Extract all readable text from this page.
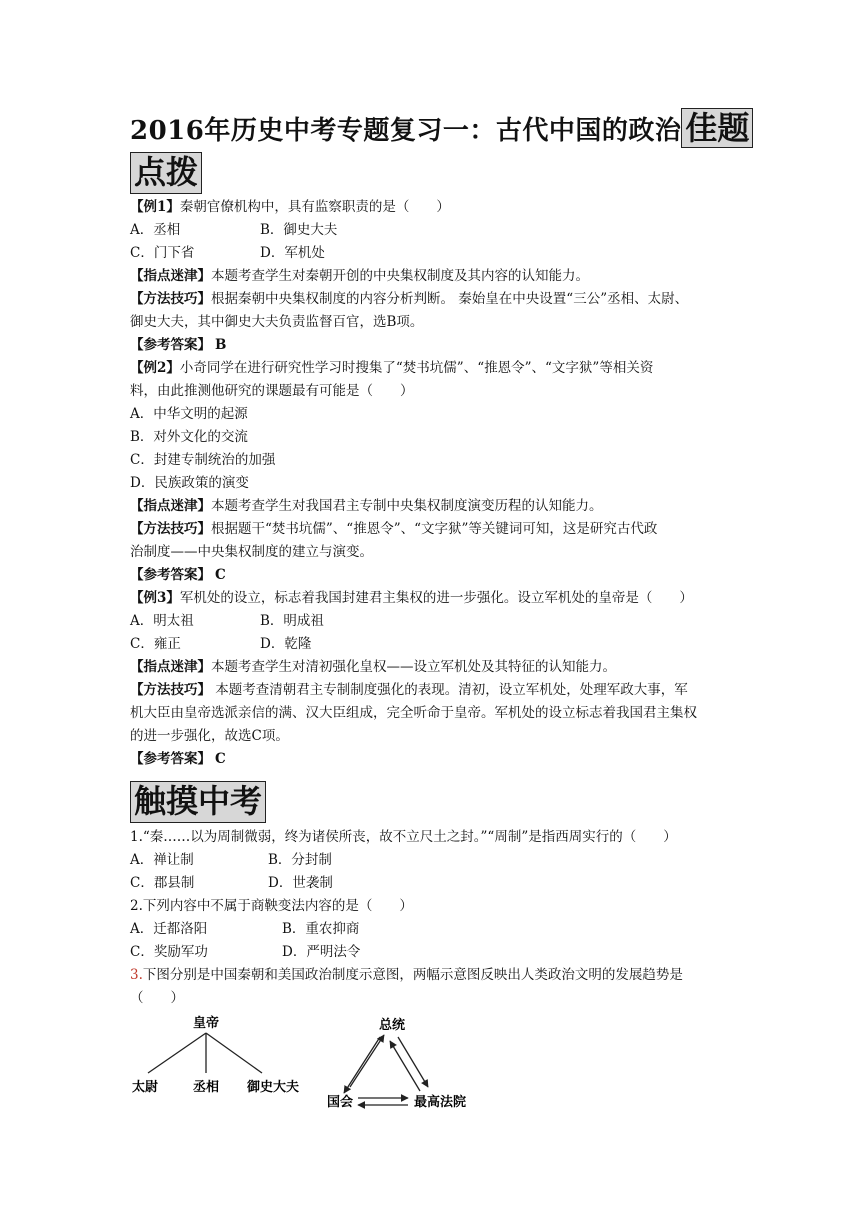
2016年历史中考专题复习一：古代中国的政治 佳题
点拨
【例1】秦朝官僚机构中，具有监察职责的是（　　）
A．丞相	B．御史大夫
C．门下省	D．军机处
【指点迷津】本题考查学生对秦朝开创的中央集权制度及其内容的认知能力。
【方法技巧】根据秦朝中央集权制度的内容分析判断。 秦始皇在中央设置“三公”丞相、太尉、
御史大夫，其中御史大夫负责监督百官，选B项。
【参考答案】 B
【例2】小奇同学在进行研究性学习时搜集了“焚书坑儒”、“推恩令”、“文字狱”等相关资
料，由此推测他研究的课题最有可能是（　　）
A．中华文明的起源
B．对外文化的交流
C．封建专制统治的加强
D．民族政策的演变
【指点迷津】本题考查学生对我国君主专制中央集权制度演变历程的认知能力。
【方法技巧】根据题干“焚书坑儒”、“推恩令”、“文字狱”等关键词可知，这是研究古代政
治制度——中央集权制度的建立与演变。
【参考答案】 C
【例3】军机处的设立，标志着我国封建君主集权的进一步强化。设立军机处的皇帝是（　　）
A．明太祖	B．明成祖
C．雍正	D．乾隆
【指点迷津】本题考查学生对清初强化皇权——设立军机处及其特征的认知能力。
【方法技巧】 本题考查清朝君主专制制度强化的表现。清初，设立军机处，处理军政大事，军
机大臣由皇帝选派亲信的满、汉大臣组成，完全听命于皇帝。军机处的设立标志着我国君主集权
的进一步强化，故选C项。
【参考答案】 C
触摸中考
1.“秦……以为周制微弱，终为诸侯所丧，故不立尺土之封。”“周制”是指西周实行的（　　）
A．禅让制	B．分封制
C．郡县制	D．世袭制
2.下列内容中不属于商鞅变法内容的是（　　）
A．迁都洛阳	B．重农抑商
C．奖励军功	D．严明法令
3.下图分别是中国秦朝和美国政治制度示意图，两幅示意图反映出人类政治文明的发展趋势是
（　　）
皇帝
太尉	丞相 御史大夫
总统
国会	最高法院
